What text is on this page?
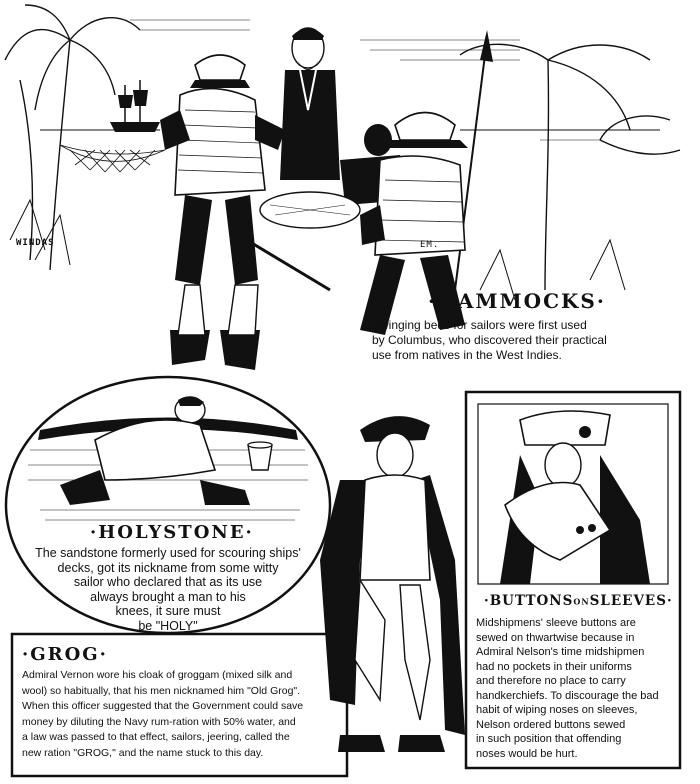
WINDAS	EM.
·HAMMOCKS·
Swinging beds for sailors were first used
by Columbus, who discovered their practical
use from natives in the West Indies.
·HOLYSTONE·
The sandstone formerly used for scouring ships'
decks, got its nickname from some witty
sailor who declared that as its use
always brought a man to his
knees, it sure must
be "HOLY"
·GROG·
Admiral Vernon wore his cloak of groggam (mixed silk and
wool) so habitually, that his men nicknamed him "Old Grog".
When this officer suggested that the Government could save
money by diluting the Navy rum-ration with 50% water, and
a law was passed to that effect, sailors, jeering, called the
new ration "GROG," and the name stuck to this day.
·BUTTONSONSLEEVES·
Midshipmens' sleeve buttons are
sewed on thwartwise because in
Admiral Nelson's time midshipmen
had no pockets in their uniforms
and therefore no place to carry
handkerchiefs. To discourage the bad
habit of wiping noses on sleeves,
Nelson ordered buttons sewed
in such position that offending
noses would be hurt.
